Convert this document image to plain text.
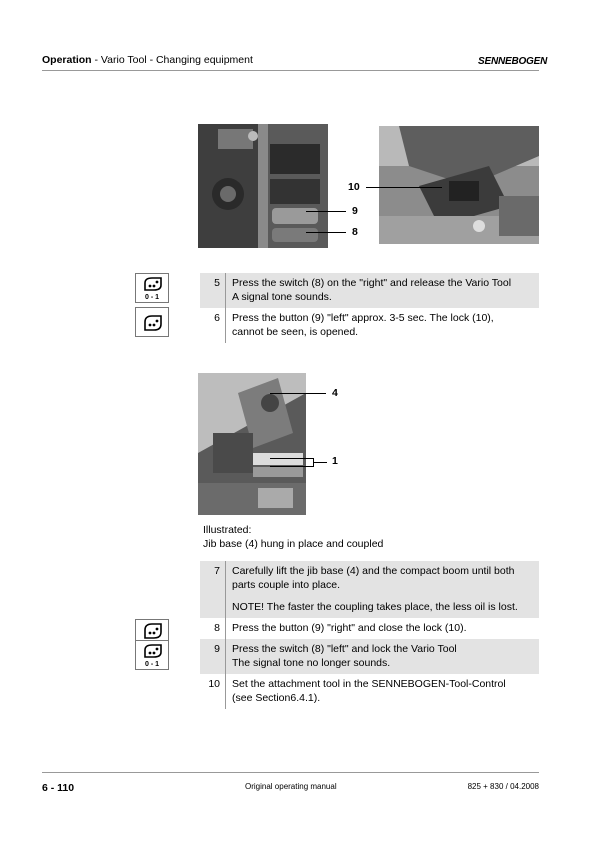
Operation - Vario Tool - Changing equipment	SENNEBOGEN
10
9
8
0 - 1
5	Press the switch (8) on the "right" and release the Vario Tool
A signal tone sounds.
6	Press the button (9) "left" approx. 3-5 sec. The lock (10),
cannot be seen, is opened.
4
1
Illustrated:
Jib base (4) hung in place and coupled
0 - 1
7	Carefully lift the jib base (4) and the compact boom until both
parts couple into place.
NOTE! The faster the coupling takes place, the less oil is lost.
8	Press the button (9) "right" and close the lock (10).
9	Press the switch (8) "left" and lock the Vario Tool
The signal tone no longer sounds.
10	Set the attachment tool in the SENNEBOGEN-Tool-Control
(see Section6.4.1).
6 - 110	Original operating manual	825 + 830 / 04.2008
